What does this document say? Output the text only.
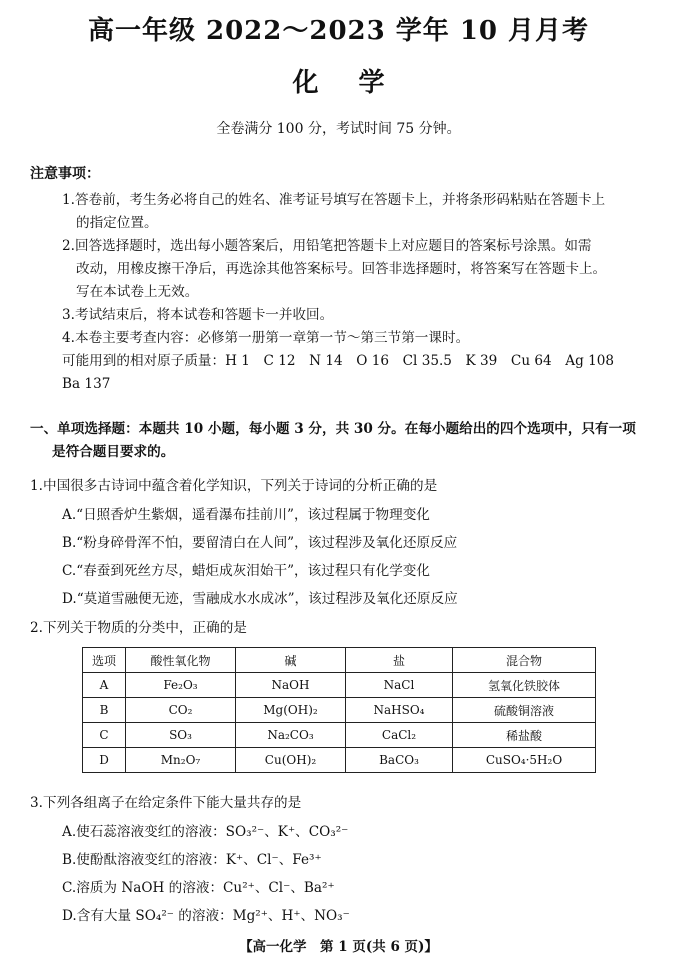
高一年级 2022～2023 学年 10 月月考
化学
全卷满分 100 分，考试时间 75 分钟。
注意事项：
1.答卷前，考生务必将自己的姓名、准考证号填写在答题卡上，并将条形码粘贴在答题卡上
的指定位置。
2.回答选择题时，选出每小题答案后，用铅笔把答题卡上对应题目的答案标号涂黑。如需
改动，用橡皮擦干净后，再选涂其他答案标号。回答非选择题时，将答案写在答题卡上。
写在本试卷上无效。
3.考试结束后，将本试卷和答题卡一并收回。
4.本卷主要考查内容：必修第一册第一章第一节～第三节第一课时。
可能用到的相对原子质量：H 1　C 12　N 14　O 16　Cl 35.5　K 39　Cu 64　Ag 108
Ba 137
一、单项选择题：本题共 10 小题，每小题 3 分，共 30 分。在每小题给出的四个选项中，只有一项
是符合题目要求的。
1.中国很多古诗词中蕴含着化学知识，下列关于诗词的分析正确的是
A.“日照香炉生紫烟，遥看瀑布挂前川”，该过程属于物理变化
B.“粉身碎骨浑不怕，要留清白在人间”，该过程涉及氧化还原反应
C.“春蚕到死丝方尽，蜡炬成灰泪始干”，该过程只有化学变化
D.“莫道雪融便无迹，雪融成水水成冰”，该过程涉及氧化还原反应
2.下列关于物质的分类中，正确的是
选项	酸性氧化物	碱	盐	混合物
A	Fe₂O₃	NaOH	NaCl	氢氧化铁胶体
B	CO₂	Mg(OH)₂	NaHSO₄	硫酸铜溶液
C	SO₃	Na₂CO₃	CaCl₂	稀盐酸
D	Mn₂O₇	Cu(OH)₂	BaCO₃	CuSO₄·5H₂O
3.下列各组离子在给定条件下能大量共存的是
A.使石蕊溶液变红的溶液：SO₃²⁻、K⁺、CO₃²⁻
B.使酚酞溶液变红的溶液：K⁺、Cl⁻、Fe³⁺
C.溶质为 NaOH 的溶液：Cu²⁺、Cl⁻、Ba²⁺
D.含有大量 SO₄²⁻ 的溶液：Mg²⁺、H⁺、NO₃⁻
【高一化学　第 1 页(共 6 页)】
